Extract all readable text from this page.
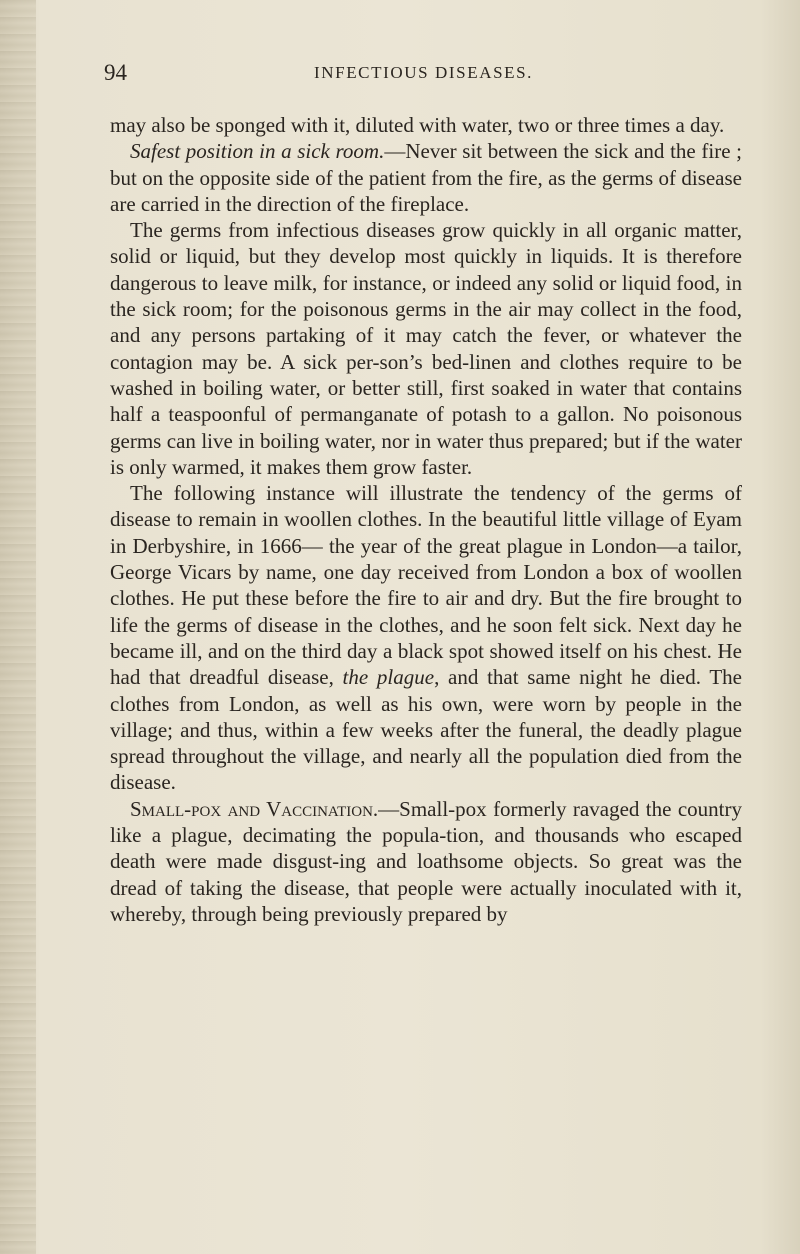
94	INFECTIOUS DISEASES.

may also be sponged with it, diluted with water, two or three times a day.

Safest position in a sick room.—Never sit between the sick and the fire ; but on the opposite side of the patient from the fire, as the germs of disease are carried in the direction of the fireplace.

The germs from infectious diseases grow quickly in all organic matter, solid or liquid, but they develop most quickly in liquids. It is therefore dangerous to leave milk, for instance, or indeed any solid or liquid food, in the sick room; for the poisonous germs in the air may collect in the food, and any persons partaking of it may catch the fever, or whatever the contagion may be. A sick per-son’s bed-linen and clothes require to be washed in boiling water, or better still, first soaked in water that contains half a teaspoonful of permanganate of potash to a gallon. No poisonous germs can live in boiling water, nor in water thus prepared; but if the water is only warmed, it makes them grow faster.

The following instance will illustrate the tendency of the germs of disease to remain in woollen clothes. In the beautiful little village of Eyam in Derbyshire, in 1666— the year of the great plague in London—a tailor, George Vicars by name, one day received from London a box of woollen clothes. He put these before the fire to air and dry. But the fire brought to life the germs of disease in the clothes, and he soon felt sick. Next day he became ill, and on the third day a black spot showed itself on his chest. He had that dreadful disease, the plague, and that same night he died. The clothes from London, as well as his own, were worn by people in the village; and thus, within a few weeks after the funeral, the deadly plague spread throughout the village, and nearly all the population died from the disease.

Small-pox and Vaccination.—Small-pox formerly ravaged the country like a plague, decimating the popula-tion, and thousands who escaped death were made disgust-ing and loathsome objects. So great was the dread of taking the disease, that people were actually inoculated with it, whereby, through being previously prepared by
